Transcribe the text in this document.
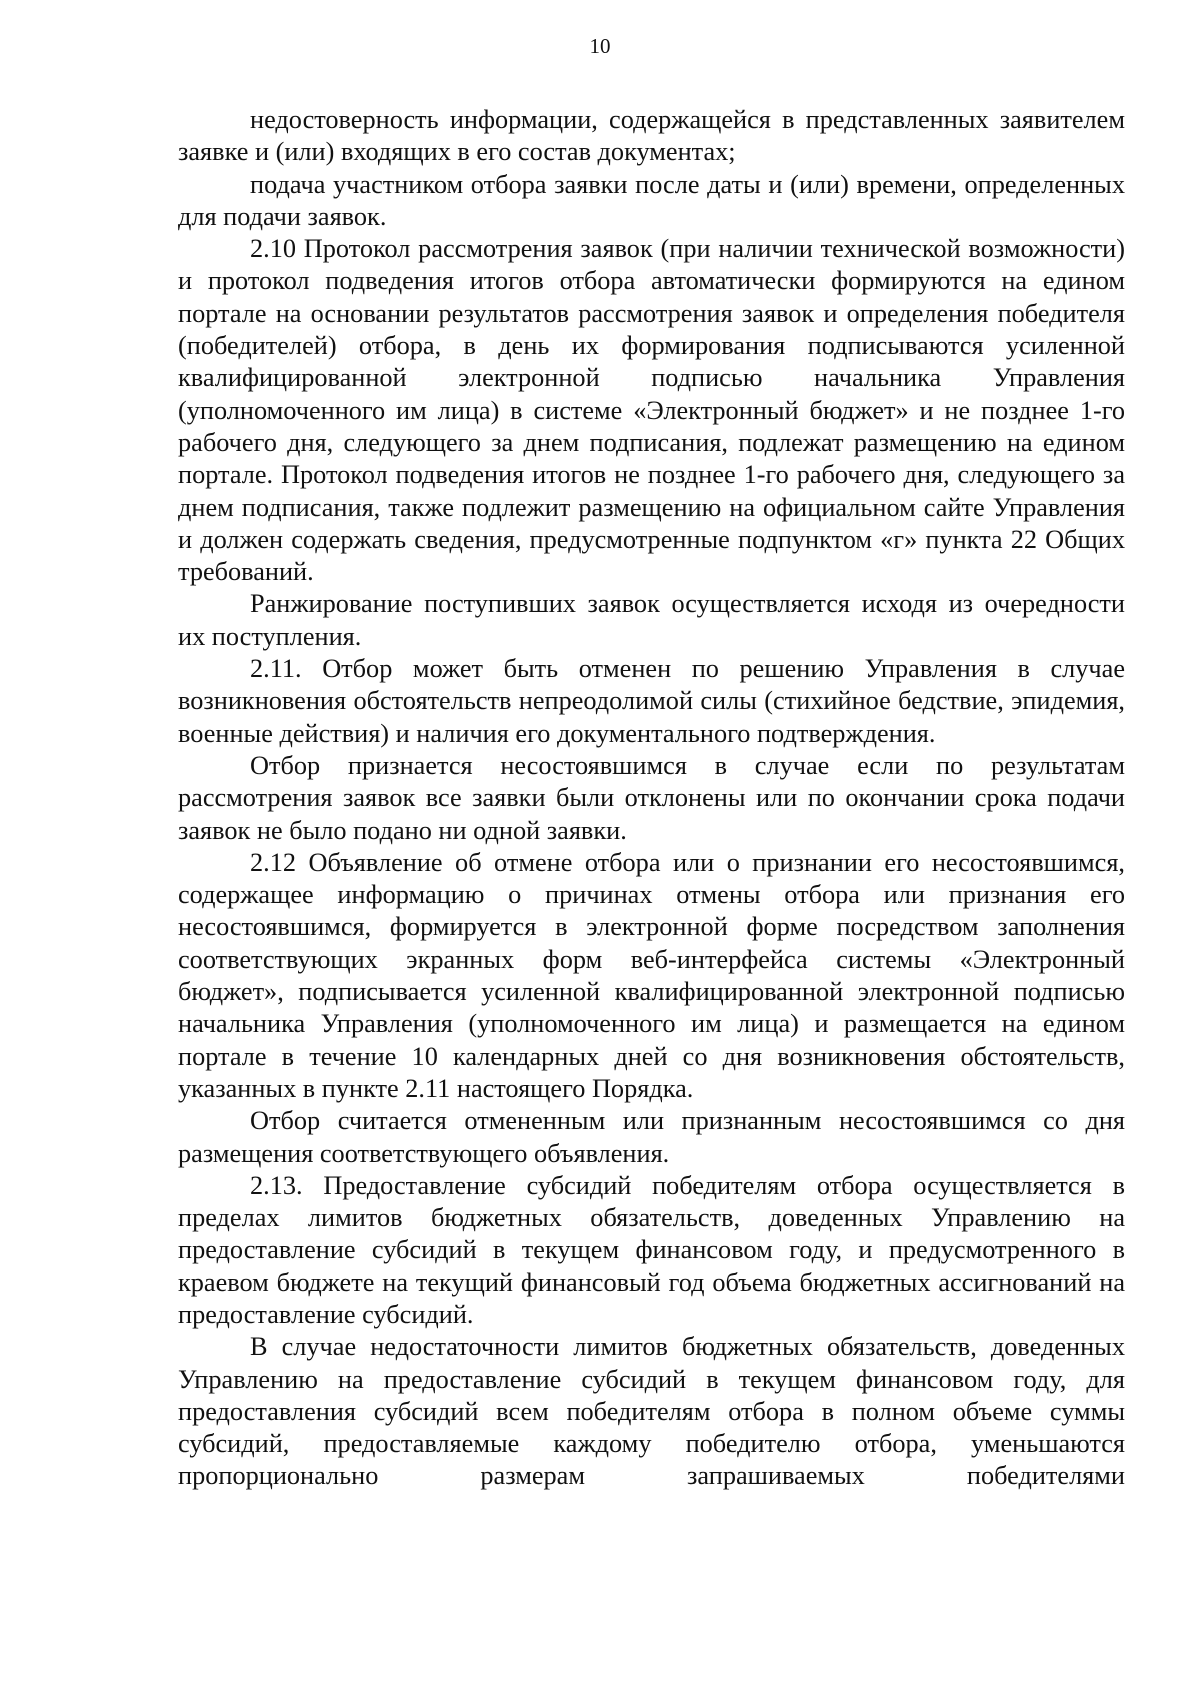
10

недостоверность информации, содержащейся в представленных заявителем заявке и (или) входящих в его состав документах;

подача участником отбора заявки после даты и (или) времени, определенных для подачи заявок.

2.10 Протокол рассмотрения заявок (при наличии технической возможности) и протокол подведения итогов отбора автоматически формируются на едином портале на основании результатов рассмотрения заявок и определения победителя (победителей) отбора, в день их формирования подписываются усиленной квалифицированной электронной подписью начальника Управления (уполномоченного им лица) в системе «Электронный бюджет» и не позднее 1-го рабочего дня, следующего за днем подписания, подлежат размещению на едином портале. Протокол подведения итогов не позднее 1-го рабочего дня, следующего за днем подписания, также подлежит размещению на официальном сайте Управления и должен содержать сведения, предусмотренные подпунктом «г» пункта 22 Общих требований.

Ранжирование поступивших заявок осуществляется исходя из очередности их поступления.

2.11. Отбор может быть отменен по решению Управления в случае возникновения обстоятельств непреодолимой силы (стихийное бедствие, эпидемия, военные действия) и наличия его документального подтверждения.

Отбор признается несостоявшимся в случае если по результатам рассмотрения заявок все заявки были отклонены или по окончании срока подачи заявок не было подано ни одной заявки.

2.12 Объявление об отмене отбора или о признании его несостоявшимся, содержащее информацию о причинах отмены отбора или признания его несостоявшимся, формируется в электронной форме посредством заполнения соответствующих экранных форм веб-интерфейса системы «Электронный бюджет», подписывается усиленной квалифицированной электронной подписью начальника Управления (уполномоченного им лица) и размещается на едином портале в течение 10 календарных дней со дня возникновения обстоятельств, указанных в пункте 2.11 настоящего Порядка.

Отбор считается отмененным или признанным несостоявшимся со дня размещения соответствующего объявления.

2.13. Предоставление субсидий победителям отбора осуществляется в пределах лимитов бюджетных обязательств, доведенных Управлению на предоставление субсидий в текущем финансовом году, и предусмотренного в краевом бюджете на текущий финансовый год объема бюджетных ассигнований на предоставление субсидий.

В случае недостаточности лимитов бюджетных обязательств, доведенных Управлению на предоставление субсидий в текущем финансовом году, для предоставления субсидий всем победителям отбора в полном объеме суммы субсидий, предоставляемые каждому победителю отбора, уменьшаются пропорционально размерам запрашиваемых победителями
